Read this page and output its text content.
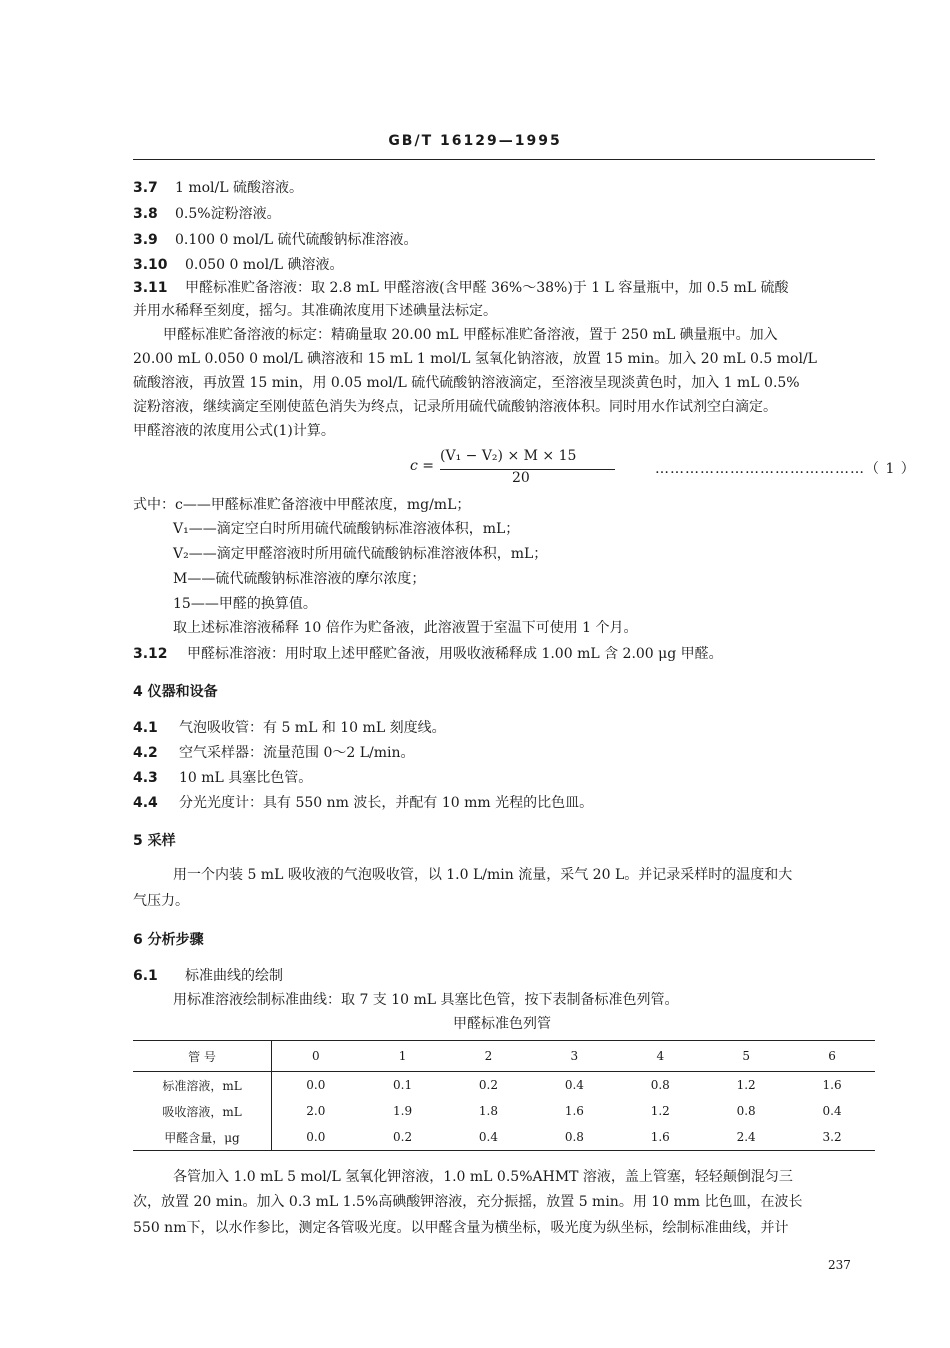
GB/T 16129—1995
3.7 1 mol/L 硫酸溶液。
3.8 0.5%淀粉溶液。
3.9 0.100 0 mol/L 硫代硫酸钠标准溶液。
3.10 0.050 0 mol/L 碘溶液。
3.11 甲醛标准贮备溶液：取 2.8 mL 甲醛溶液(含甲醛 36%～38%)于 1 L 容量瓶中，加 0.5 mL 硫酸
并用水稀释至刻度，摇匀。其准确浓度用下述碘量法标定。
甲醛标准贮备溶液的标定：精确量取 20.00 mL 甲醛标准贮备溶液，置于 250 mL 碘量瓶中。加入
20.00 mL 0.050 0 mol/L 碘溶液和 15 mL 1 mol/L 氢氧化钠溶液，放置 15 min。加入 20 mL 0.5 mol/L
硫酸溶液，再放置 15 min，用 0.05 mol/L 硫代硫酸钠溶液滴定，至溶液呈现淡黄色时，加入 1 mL 0.5%
淀粉溶液，继续滴定至刚使蓝色消失为终点，记录所用硫代硫酸钠溶液体积。同时用水作试剂空白滴定。
甲醛溶液的浓度用公式(1)计算。
c =
(V₁ − V₂) × M × 15
20
……………………………………（ 1 ）
式中：c——甲醛标准贮备溶液中甲醛浓度，mg/mL；
V₁——滴定空白时所用硫代硫酸钠标准溶液体积，mL；
V₂——滴定甲醛溶液时所用硫代硫酸钠标准溶液体积，mL；
M——硫代硫酸钠标准溶液的摩尔浓度；
15——甲醛的换算值。
取上述标准溶液稀释 10 倍作为贮备液，此溶液置于室温下可使用 1 个月。
3.12 甲醛标准溶液：用时取上述甲醛贮备液，用吸收液稀释成 1.00 mL 含 2.00 μg 甲醛。
4 仪器和设备
4.1 气泡吸收管：有 5 mL 和 10 mL 刻度线。
4.2 空气采样器：流量范围 0～2 L/min。
4.3 10 mL 具塞比色管。
4.4 分光光度计：具有 550 nm 波长，并配有 10 mm 光程的比色皿。
5 采样
用一个内装 5 mL 吸收液的气泡吸收管，以 1.0 L/min 流量，采气 20 L。并记录采样时的温度和大
气压力。
6 分析步骤
6.1 标准曲线的绘制
用标准溶液绘制标准曲线：取 7 支 10 mL 具塞比色管，按下表制备标准色列管。
甲醛标准色列管
管 号	0	1	2	3	4	5	6
标准溶液，mL	0.0	0.1	0.2	0.4	0.8	1.2	1.6
吸收溶液，mL	2.0	1.9	1.8	1.6	1.2	0.8	0.4
甲醛含量，μg	0.0	0.2	0.4	0.8	1.6	2.4	3.2
各管加入 1.0 mL 5 mol/L 氢氧化钾溶液，1.0 mL 0.5%AHMT 溶液，盖上管塞，轻轻颠倒混匀三
次，放置 20 min。加入 0.3 mL 1.5%高碘酸钾溶液，充分振摇，放置 5 min。用 10 mm 比色皿，在波长
550 nm下，以水作参比，测定各管吸光度。以甲醛含量为横坐标，吸光度为纵坐标，绘制标准曲线，并计
237
